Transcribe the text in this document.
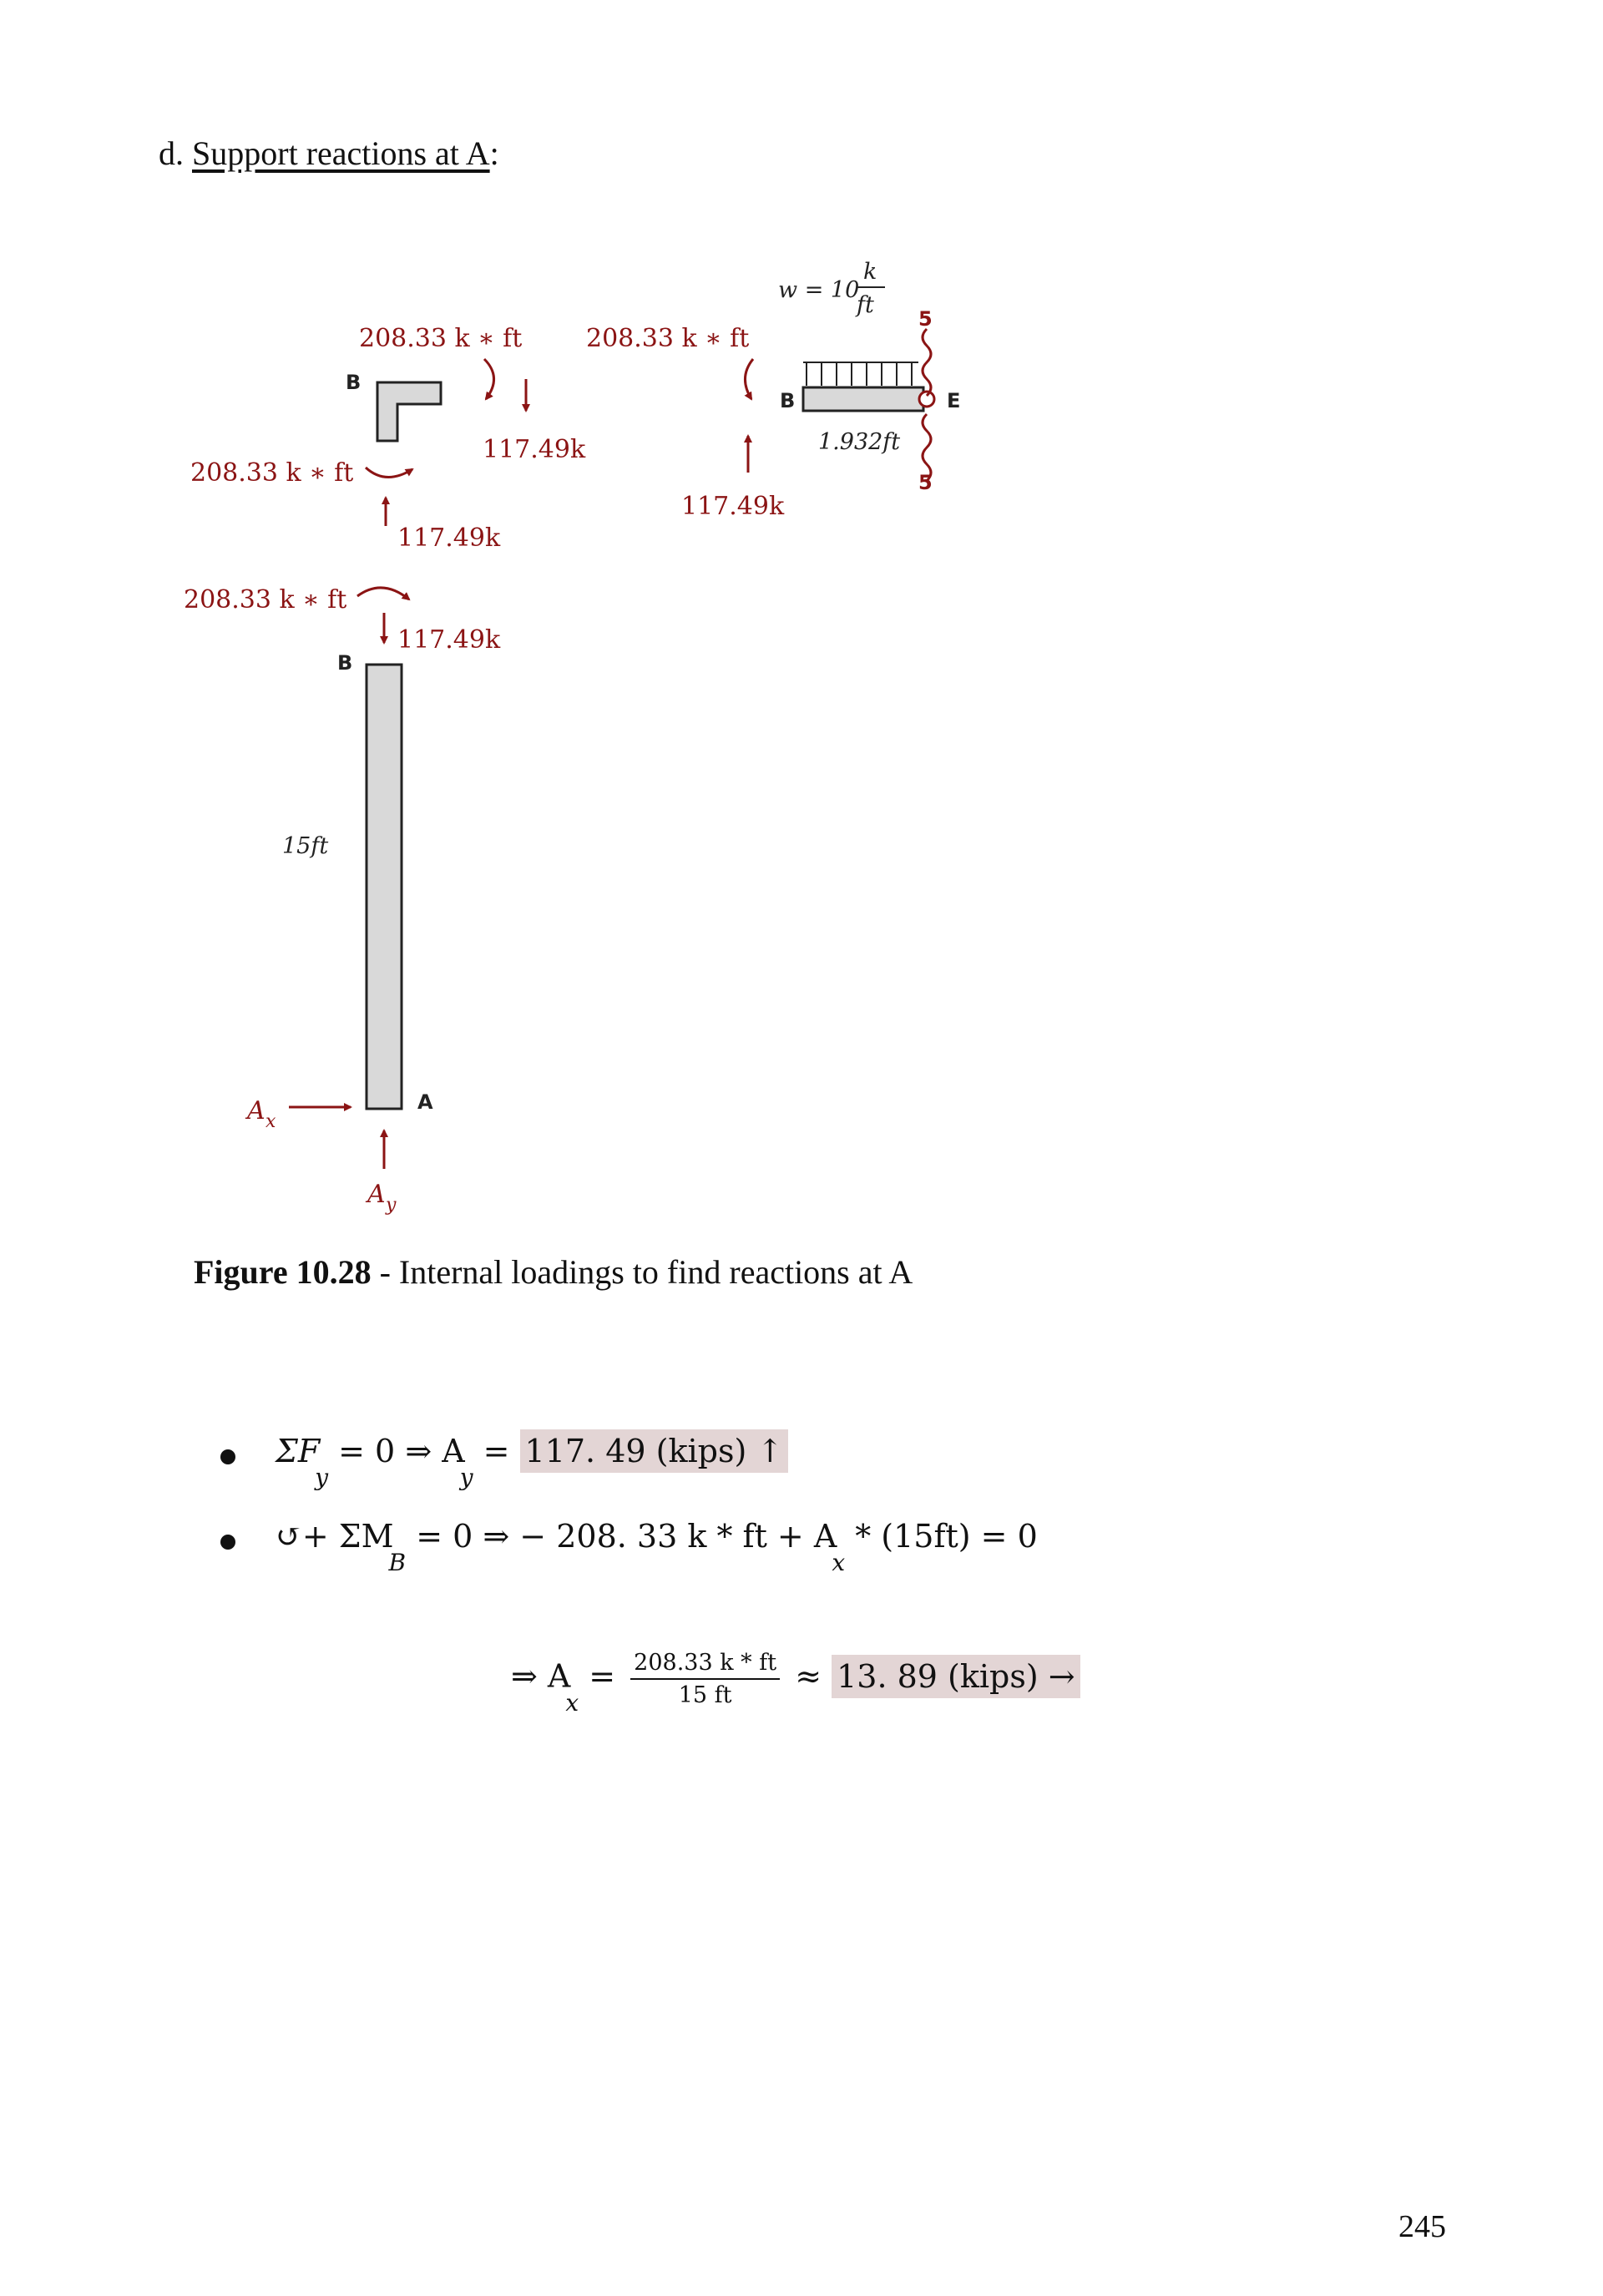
d. Support reactions at A:
B
208.33 k ∗ ft
117.49k
208.33 k ∗ ft
117.49k
208.33 k ∗ ft
117.49k
w = 10
k
ft
B	E
5
5
1.932ft
208.33 k ∗ ft
117.49k
B
15ft
A
A x
A y
Figure 10.28 - Internal loadings to find reactions at A
$\Sigma F_y = 0$ ⇒ $A_y = 117$. 49 (kips) ↑
↺+ $\Sigma M_B = 0$ ⇒ − 208. 33 k * ft + $A_x * (15ft) = 0$
⇒ $A_x = \frac{208.33 k * ft}{15 ft} \approx 13$. 89 (kips) →
245
